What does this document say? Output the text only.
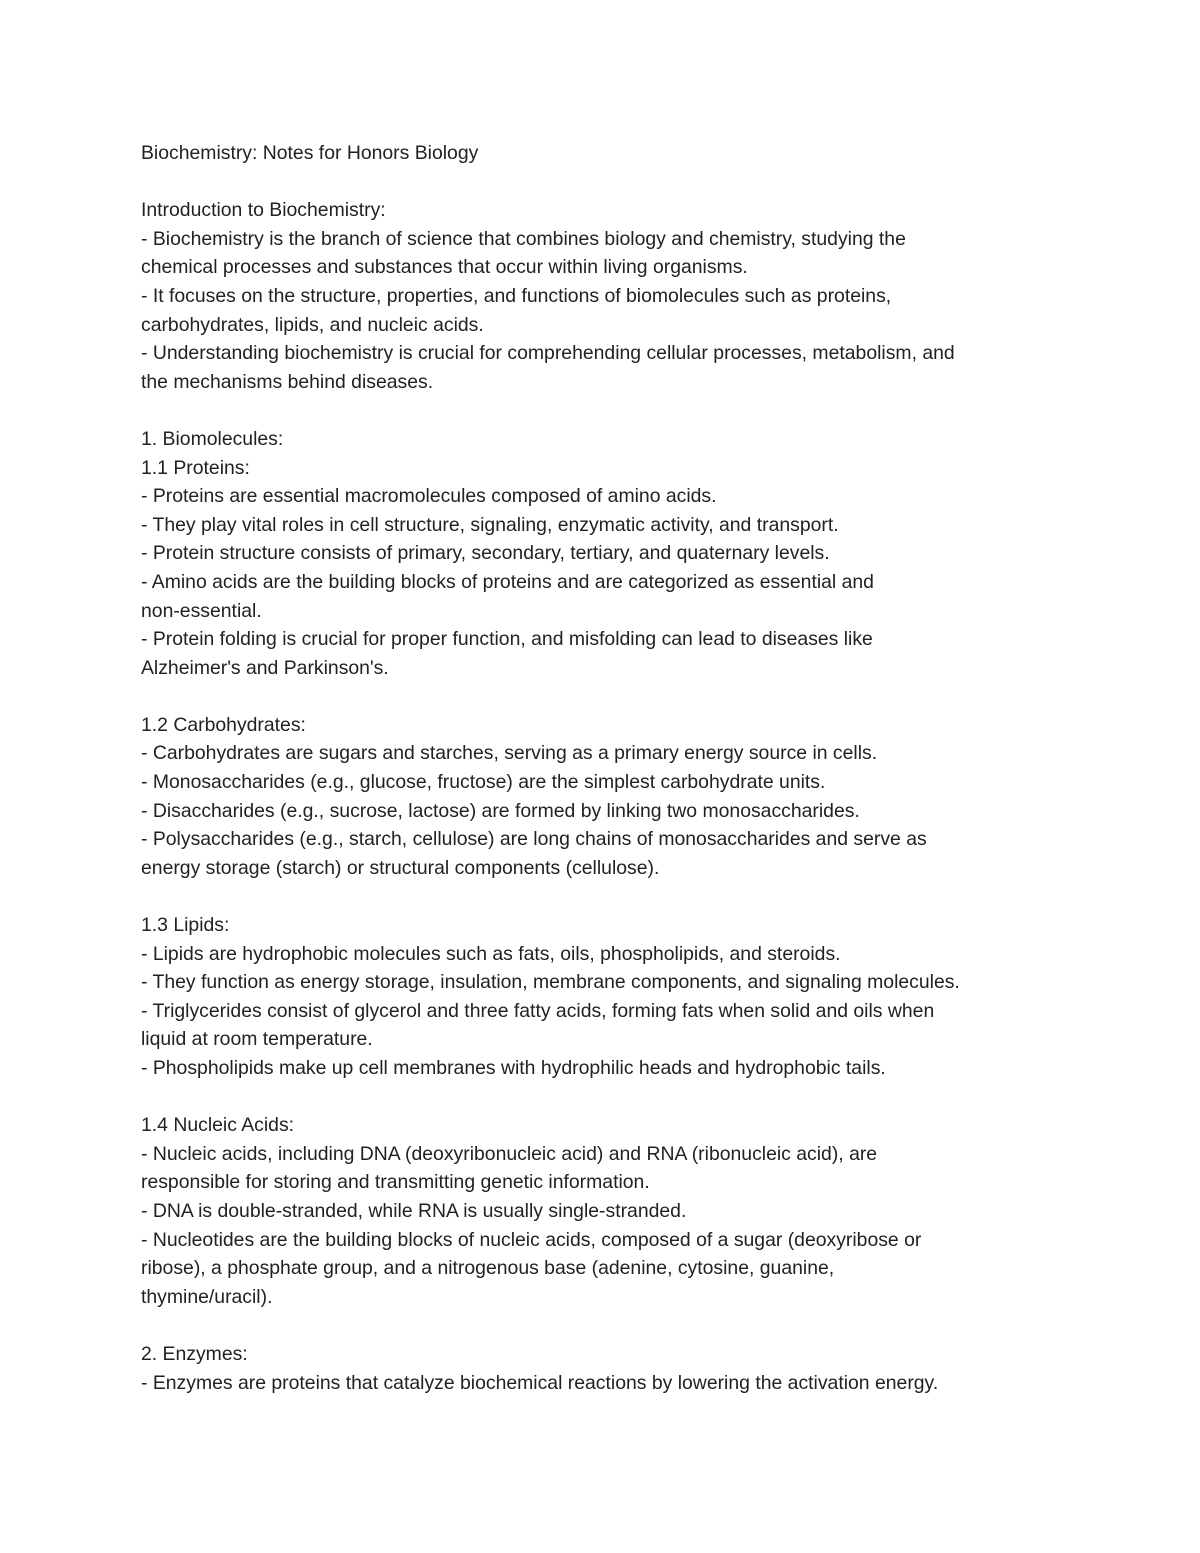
Biochemistry: Notes for Honors Biology
Introduction to Biochemistry:
- Biochemistry is the branch of science that combines biology and chemistry, studying the
chemical processes and substances that occur within living organisms.
- It focuses on the structure, properties, and functions of biomolecules such as proteins,
carbohydrates, lipids, and nucleic acids.
- Understanding biochemistry is crucial for comprehending cellular processes, metabolism, and
the mechanisms behind diseases.
1. Biomolecules:
1.1 Proteins:
- Proteins are essential macromolecules composed of amino acids.
- They play vital roles in cell structure, signaling, enzymatic activity, and transport.
- Protein structure consists of primary, secondary, tertiary, and quaternary levels.
- Amino acids are the building blocks of proteins and are categorized as essential and
non-essential.
- Protein folding is crucial for proper function, and misfolding can lead to diseases like
Alzheimer's and Parkinson's.
1.2 Carbohydrates:
- Carbohydrates are sugars and starches, serving as a primary energy source in cells.
- Monosaccharides (e.g., glucose, fructose) are the simplest carbohydrate units.
- Disaccharides (e.g., sucrose, lactose) are formed by linking two monosaccharides.
- Polysaccharides (e.g., starch, cellulose) are long chains of monosaccharides and serve as
energy storage (starch) or structural components (cellulose).
1.3 Lipids:
- Lipids are hydrophobic molecules such as fats, oils, phospholipids, and steroids.
- They function as energy storage, insulation, membrane components, and signaling molecules.
- Triglycerides consist of glycerol and three fatty acids, forming fats when solid and oils when
liquid at room temperature.
- Phospholipids make up cell membranes with hydrophilic heads and hydrophobic tails.
1.4 Nucleic Acids:
- Nucleic acids, including DNA (deoxyribonucleic acid) and RNA (ribonucleic acid), are
responsible for storing and transmitting genetic information.
- DNA is double-stranded, while RNA is usually single-stranded.
- Nucleotides are the building blocks of nucleic acids, composed of a sugar (deoxyribose or
ribose), a phosphate group, and a nitrogenous base (adenine, cytosine, guanine,
thymine/uracil).
2. Enzymes:
- Enzymes are proteins that catalyze biochemical reactions by lowering the activation energy.
